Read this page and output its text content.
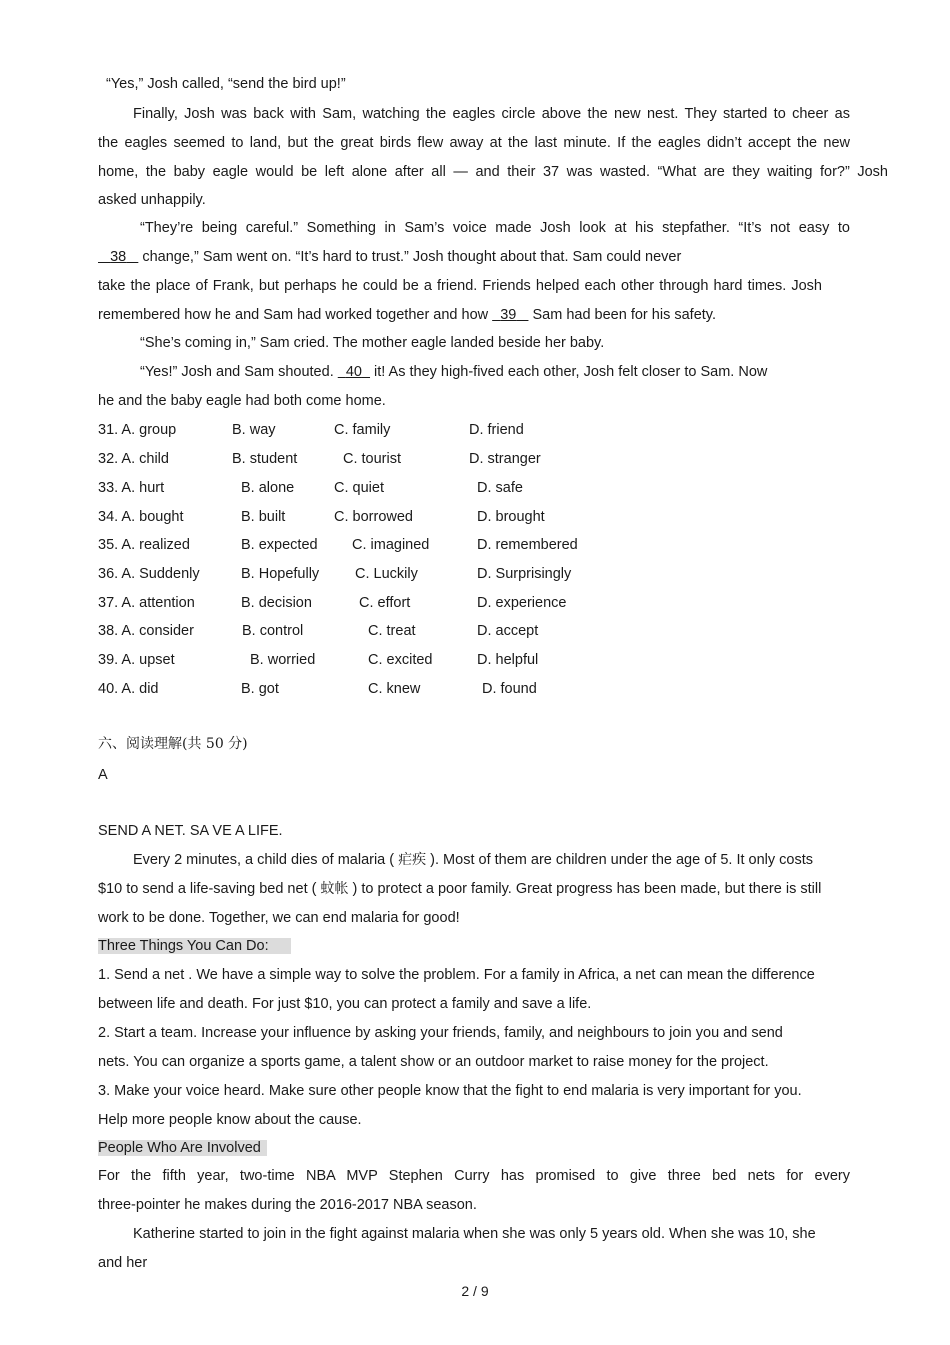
“Yes,” Josh called, “send the bird up!”
Finally, Josh was back with Sam, watching the eagles circle above the new nest. They started to cheer as
the eagles seemed to land, but the great birds flew away at the last minute. If the eagles didn’t accept the new
home, the baby eagle would be left alone after all — and their 37 was wasted. “What are they waiting for?” Josh
asked unhappily.
“They’re being careful.” Something in Sam’s voice made Josh look at his stepfather. “It’s not easy to
38    change,” Sam went on. “It’s hard to trust.” Josh thought about that. Sam could never
take the place of Frank, but perhaps he could be a friend. Friends helped each other through hard times. Josh
remembered how he and Sam had worked together and how   39    Sam had been for his safety.
“She’s coming in,” Sam cried. The mother eagle landed beside her baby.
“Yes!” Josh and Sam shouted.   40   it! As they high-fived each other, Josh felt closer to Sam. Now
he and the baby eagle had both come home.
31. A. group	B. way	C. family	D. friend
32. A. child	B. student	C. tourist	D. stranger
33. A. hurt	B. alone	C. quiet	D. safe
34. A. bought	B. built	C. borrowed	D. brought
35. A. realized	B. expected C. imagined	D. remembered
36. A. Suddenly	B. Hopefully C. Luckily	D. Surprisingly
37. A. attention	B. decision	C. effort	D. experience
38. A. consider	B. control	C. treat	D. accept
39. A. upset	B. worried	C. excited	D. helpful
40. A. did	B. got	C. knew	D. found
六、阅读理解(共 50 分)
A
SEND A NET. SA VE A LIFE.
Every 2 minutes, a child dies of malaria ( 疟疾 ). Most of them are children under the age of 5. It only costs
$10 to send a life-saving bed net ( 蚊帐 ) to protect a poor family. Great progress has been made, but there is still
work to be done. Together, we can end malaria for good!
Three Things You Can Do:
1. Send a net . We have a simple way to solve the problem. For a family in Africa, a net can mean the difference
between life and death. For just $10, you can protect a family and save a life.
2. Start a team. Increase your influence by asking your friends, family, and neighbours to join you and send
nets. You can organize a sports game, a talent show or an outdoor market to raise money for the project.
3. Make your voice heard. Make sure other people know that the fight to end malaria is very important for you.
Help more people know about the cause.
People Who Are Involved
For the fifth year, two-time NBA MVP Stephen Curry has promised to give three bed nets for every
three-pointer he makes during the 2016-2017 NBA season.
Katherine started to join in the fight against malaria when she was only 5 years old. When she was 10, she
and her
2 / 9
